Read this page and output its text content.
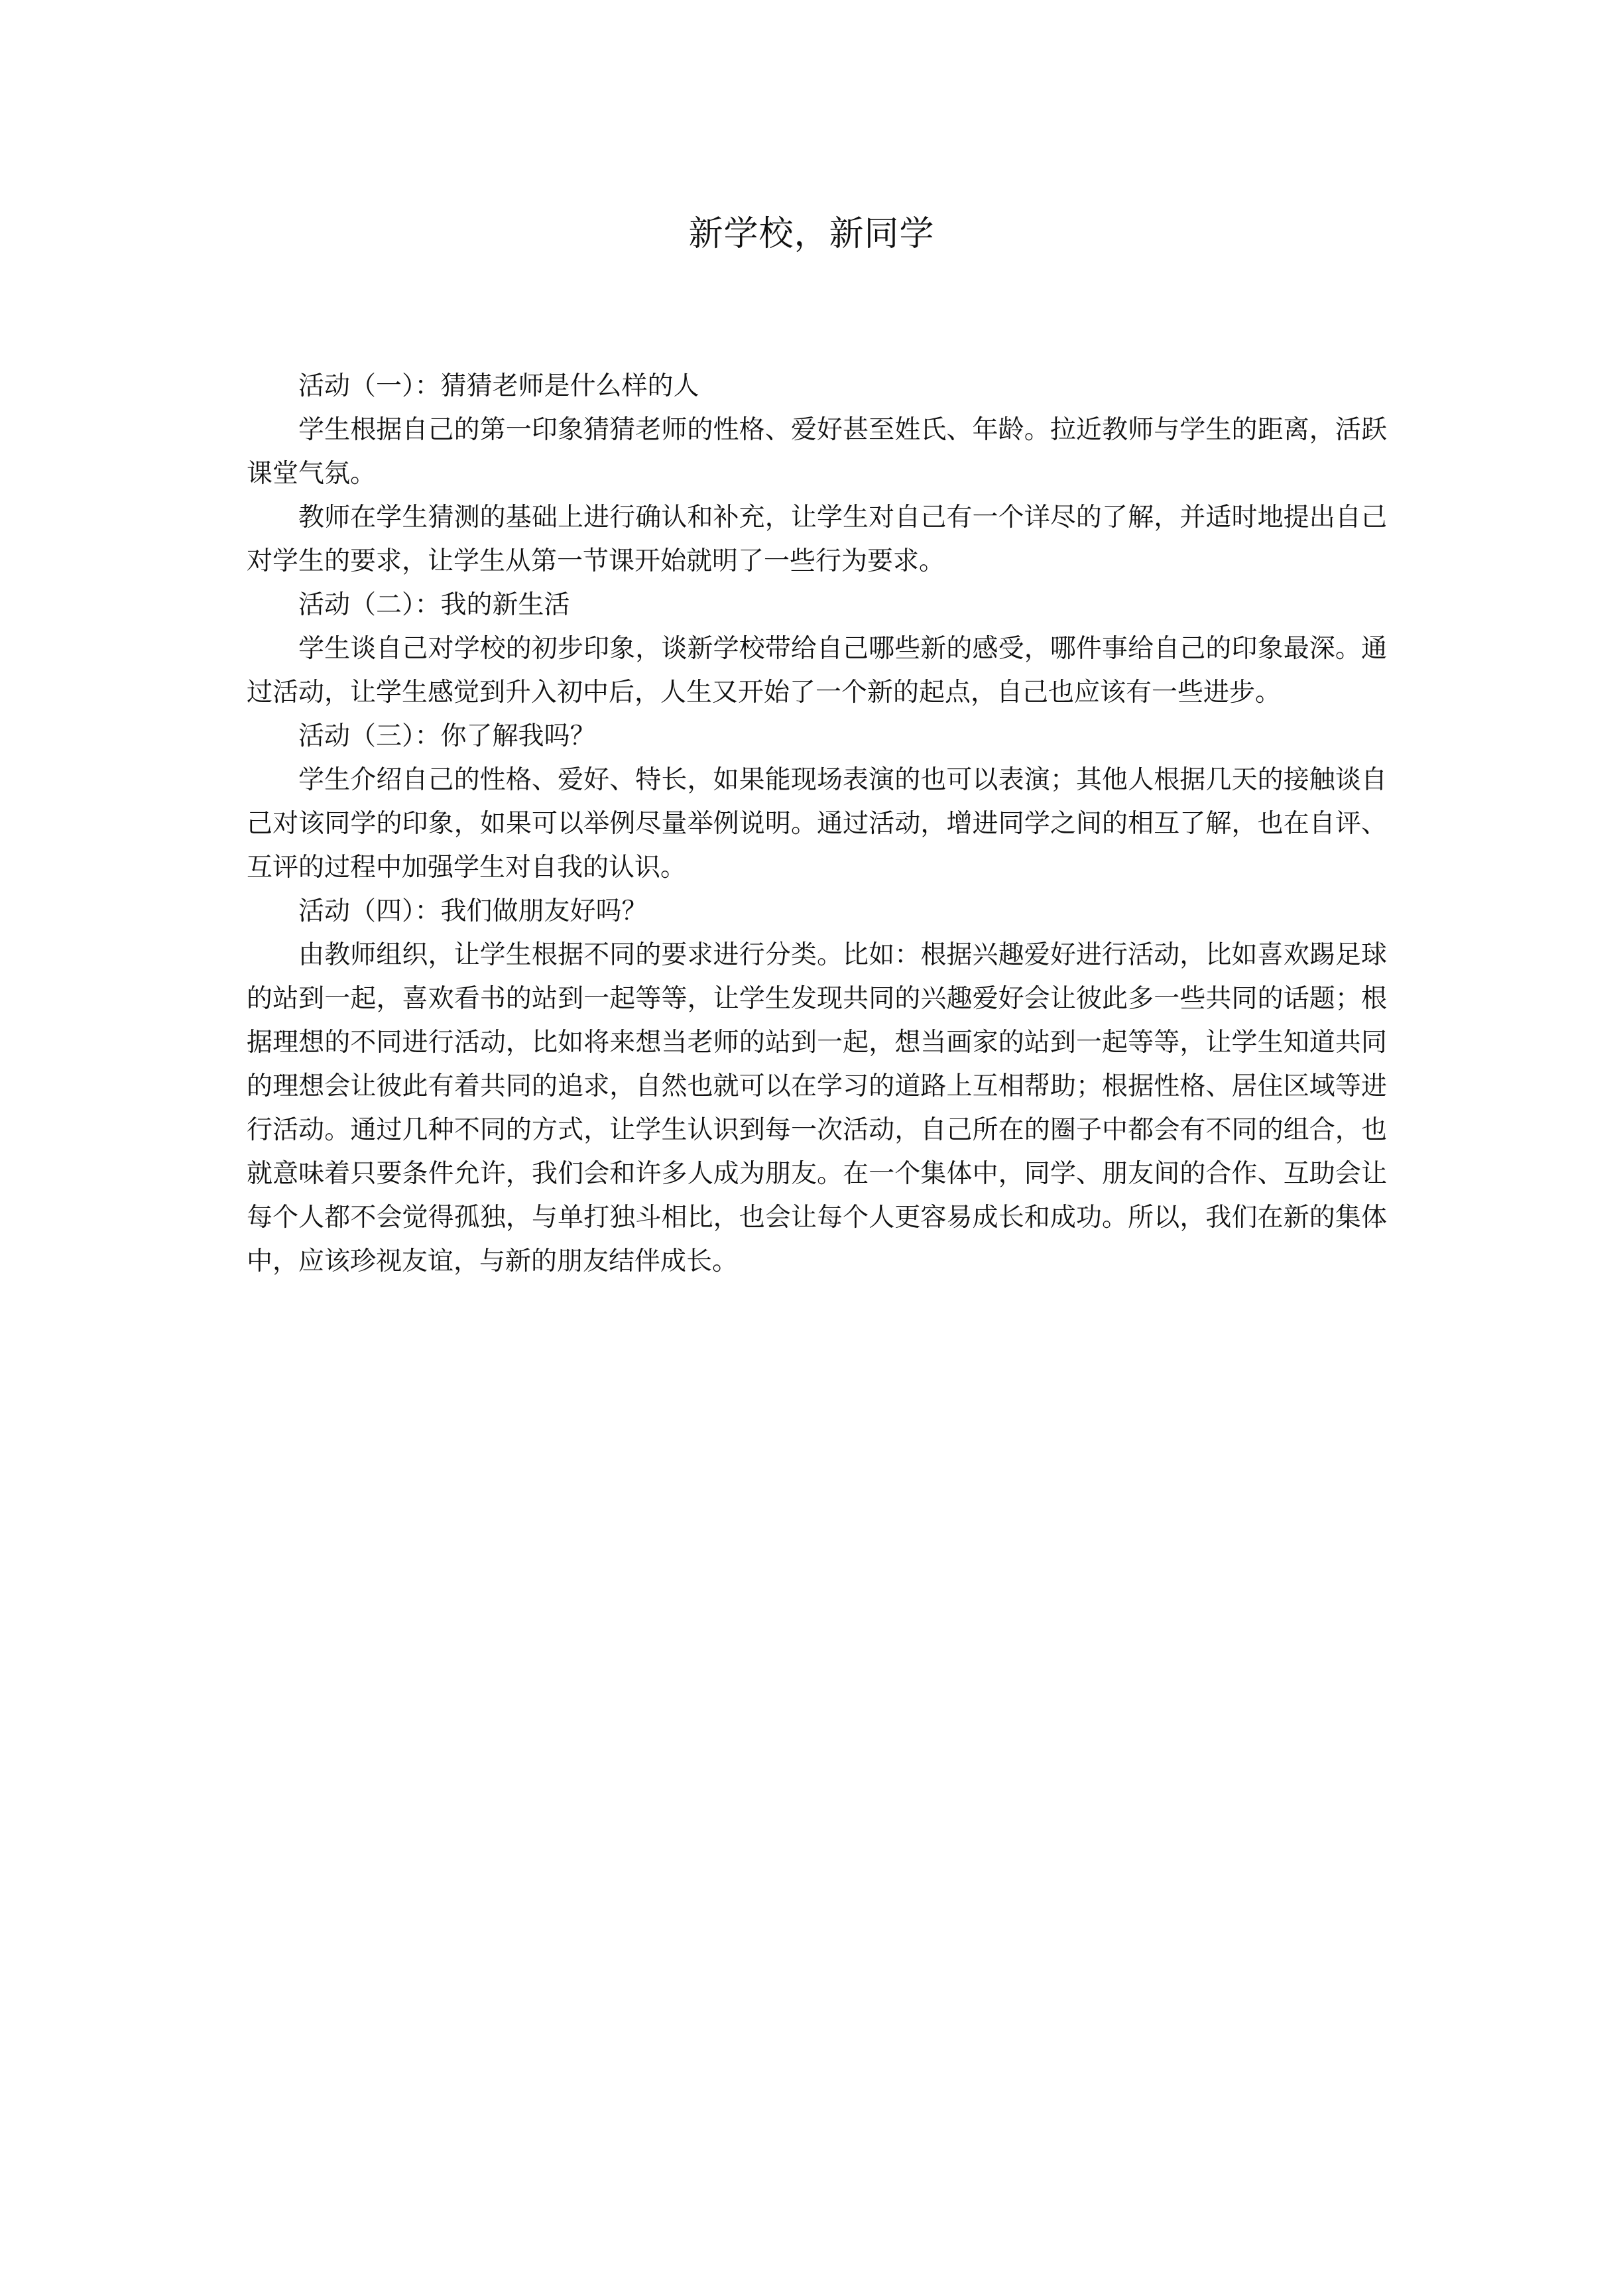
新学校，新同学

活动（一）：猜猜老师是什么样的人

学生根据自己的第一印象猜猜老师的性格、爱好甚至姓氏、年龄。拉近教师与学生的距离，活跃课堂气氛。

教师在学生猜测的基础上进行确认和补充，让学生对自己有一个详尽的了解，并适时地提出自己对学生的要求，让学生从第一节课开始就明了一些行为要求。

活动（二）：我的新生活

学生谈自己对学校的初步印象，谈新学校带给自己哪些新的感受，哪件事给自己的印象最深。通过活动，让学生感觉到升入初中后，人生又开始了一个新的起点，自己也应该有一些进步。

活动（三）：你了解我吗？

学生介绍自己的性格、爱好、特长，如果能现场表演的也可以表演；其他人根据几天的接触谈自己对该同学的印象，如果可以举例尽量举例说明。通过活动，增进同学之间的相互了解，也在自评、互评的过程中加强学生对自我的认识。

活动（四）：我们做朋友好吗？

由教师组织，让学生根据不同的要求进行分类。比如：根据兴趣爱好进行活动，比如喜欢踢足球的站到一起，喜欢看书的站到一起等等，让学生发现共同的兴趣爱好会让彼此多一些共同的话题；根据理想的不同进行活动，比如将来想当老师的站到一起，想当画家的站到一起等等，让学生知道共同的理想会让彼此有着共同的追求，自然也就可以在学习的道路上互相帮助；根据性格、居住区域等进行活动。通过几种不同的方式，让学生认识到每一次活动，自己所在的圈子中都会有不同的组合，也就意味着只要条件允许，我们会和许多人成为朋友。在一个集体中，同学、朋友间的合作、互助会让每个人都不会觉得孤独，与单打独斗相比，也会让每个人更容易成长和成功。所以，我们在新的集体中，应该珍视友谊，与新的朋友结伴成长。
